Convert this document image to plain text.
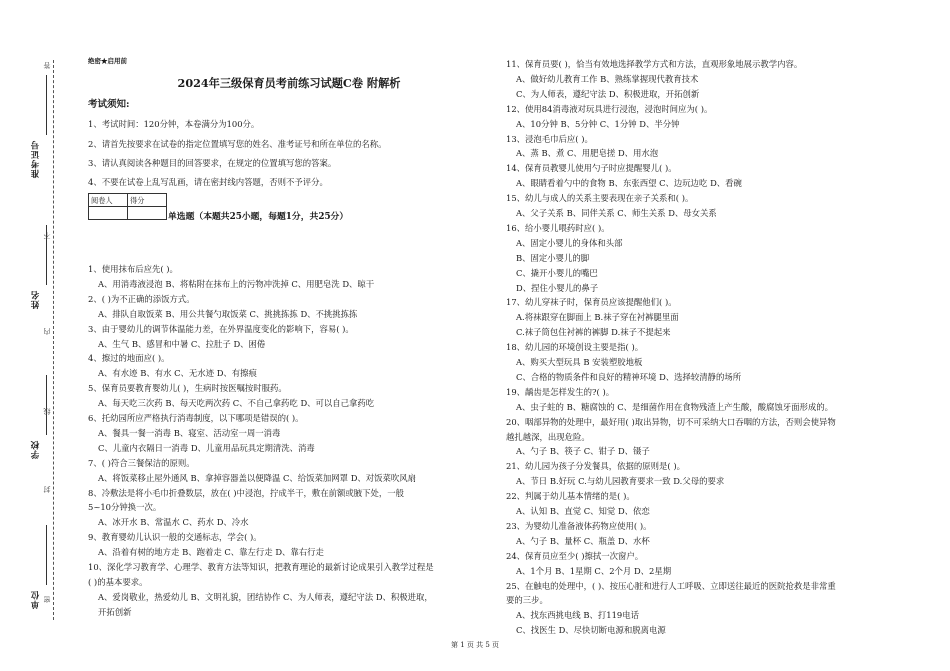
准考证号
姓名
学校
单位
答
不
内
线
封
密
绝密★启用前
2024年三级保育员考前练习试题C卷 附解析
考试须知:
1、考试时间：120分钟，本卷满分为100分。
2、请首先按要求在试卷的指定位置填写您的姓名、准考证号和所在单位的名称。
3、请认真阅读各种题目的回答要求，在规定的位置填写您的答案。
4、不要在试卷上乱写乱画，请在密封线内答题，否则不予评分。
阅卷人	得分

单选题（本题共25小题，每题1分，共25分）
1、使用抹布后应先( )。
A、用消毒液浸泡 B、将粘附在抹布上的污物冲洗掉 C、用肥皂洗 D、晾干
2、( )为不正确的添饭方式。
A、排队自取饭菜 B、用公共餐勺取饭菜 C、挑挑拣拣 D、不挑挑拣拣
3、由于婴幼儿的调节体温能力差，在外界温度变化的影响下，容易( )。
A、生气 B、感冒和中暑 C、拉肚子 D、困倦
4、擦过的地面应( )。
A、有水迹 B、有水 C、无水迹 D、有擦痕
5、保育员要教育婴幼儿( )，生病时按医嘱按时服药。
A、每天吃三次药 B、每天吃两次药 C、不自己拿药吃 D、可以自己拿药吃
6、托幼园所应严格执行消毒制度，以下哪项是错误的( )。
A、餐具一餐一消毒 B、寝室、活动室一周一消毒
C、儿童内衣隔日一消毒 D、儿童用品玩具定期清洗、消毒
7、( )符合三餐保洁的原则。
A、将饭菜移止屋外通风 B、拿掉容器盖以便降温 C、给饭菜加网罩 D、对饭菜吹风扇
8、冷敷法是将小毛巾折叠数层，放在( )中浸泡，拧成半干，敷在前额或腋下处，一般
5~10分钟换一次。
A、冰开水 B、常温水 C、药水 D、冷水
9、教育婴幼儿认识一般的交通标志，学会( )。
A、沿着有树的地方走 B、跑着走 C、靠左行走 D、靠右行走
10、深化学习教育学、心理学、教育方法等知识，把教育理论的最新讨论成果引入教学过程是
( )的基本要求。
A、爱岗敬业，热爱幼儿 B、文明礼貌，团结协作 C、为人师表，遵纪守法 D、积极进取，
开拓创新
11、保育员要( )，恰当有效地选择教学方式和方法，直观形象地展示教学内容。
A、做好幼儿教育工作 B、熟练掌握现代教育技术
C、为人师表，遵纪守法 D、积极进取，开拓创新
12、使用84消毒液对玩具进行浸泡，浸泡时间应为( )。
A、10分钟 B、5分钟 C、1分钟 D、半分钟
13、浸泡毛巾后应( )。
A、蒸 B、煮 C、用肥皂搓 D、用水泡
14、保育员教婴儿使用勺子时应提醒婴儿( )。
A、眼睛看着勺中的食物 B、东张西望 C、边玩边吃 D、看碗
15、幼儿与成人的关系主要表现在亲子关系和( )。
A、父子关系 B、同伴关系 C、师生关系 D、母女关系
16、给小婴儿喂药时应( )。
A、固定小婴儿的身体和头部
B、固定小婴儿的脚
C、撬开小婴儿的嘴巴
D、捏住小婴儿的鼻子
17、幼儿穿袜子时，保育员应该提醒他们( )。
A.将袜跟穿在脚面上 B.袜子穿在衬裤腿里面
C.袜子筒包住衬裤的裤脚 D.袜子不提起来
18、幼儿园的环境创设主要是指( )。
A、购买大型玩具 B 安装塑胶地板
C、合格的物质条件和良好的精神环境 D、选择较清静的场所
19、龋齿是怎样发生的?( )。
A、虫子蛀的 B、糖腐蚀的 C、是细菌作用在食物残渣上产生酸，酸腐蚀牙面形成的。
20、咽部异物的处理中，最好用( )取出异物，切不可采纳大口吞咽的方法，否则会使异物
越扎越深，出现危险。
A、勺子 B、筷子 C、钳子 D、镊子
21、幼儿园为孩子分发餐具，依据的原则是( )。
A、节日 B.好玩 C.与幼儿园教育要求一致 D.父母的要求
22、判属于幼儿基本情绪的是( )。
A、认知 B、直觉 C、知觉 D、依恋
23、为婴幼儿准备液体药物应使用( )。
A、勺子 B、量杯 C、瓶盖 D、水杯
24、保育员应至少( )擦拭一次窗户。
A、1个月 B、1星期 C、2个月 D、2星期
25、在触电的处理中，( )、按压心脏和进行人工呼吸、立即送往最近的医院抢救是非常重
要的三步。
A、找东西挑电线 B、打119电话
C、找医生 D、尽快切断电源和脱离电源
第 1 页 共 5 页
